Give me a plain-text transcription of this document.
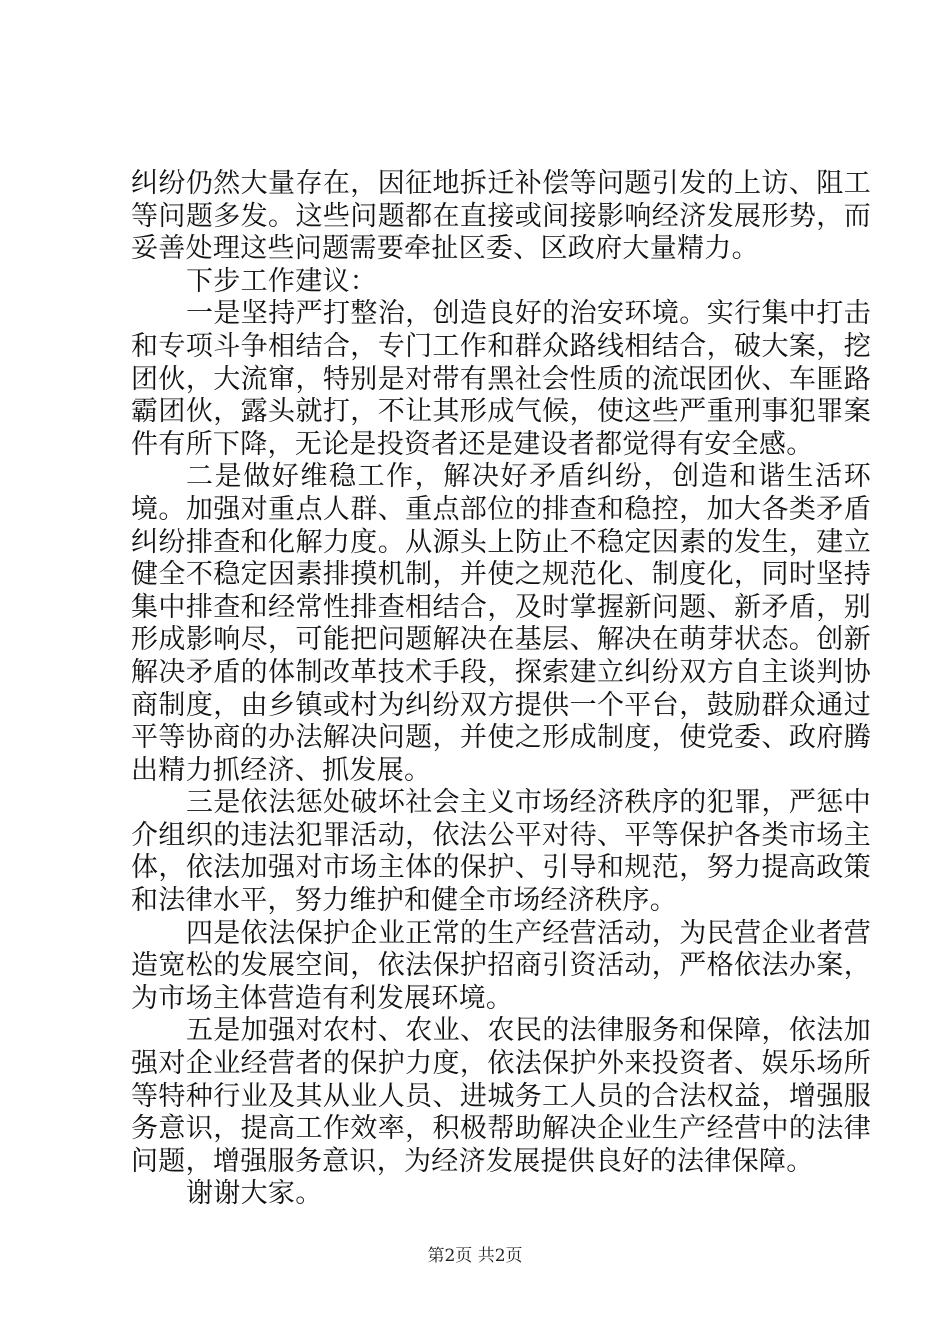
纠纷仍然大量存在，因征地拆迁补偿等问题引发的上访、阻工等问题多发。这些问题都在直接或间接影响经济发展形势，而妥善处理这些问题需要牵扯区委、区政府大量精力。

下步工作建议：

一是坚持严打整治，创造良好的治安环境。实行集中打击和专项斗争相结合，专门工作和群众路线相结合，破大案，挖团伙，大流窜，特别是对带有黑社会性质的流氓团伙、车匪路霸团伙，露头就打，不让其形成气候，使这些严重刑事犯罪案件有所下降，无论是投资者还是建设者都觉得有安全感。

二是做好维稳工作，解决好矛盾纠纷，创造和谐生活环境。加强对重点人群、重点部位的排查和稳控，加大各类矛盾纠纷排查和化解力度。从源头上防止不稳定因素的发生，建立健全不稳定因素排摸机制，并使之规范化、制度化，同时坚持集中排查和经常性排查相结合，及时掌握新问题、新矛盾，别形成影响尽，可能把问题解决在基层、解决在萌芽状态。创新解决矛盾的体制改革技术手段，探索建立纠纷双方自主谈判协商制度，由乡镇或村为纠纷双方提供一个平台，鼓励群众通过平等协商的办法解决问题，并使之形成制度，使党委、政府腾出精力抓经济、抓发展。

三是依法惩处破坏社会主义市场经济秩序的犯罪，严惩中介组织的违法犯罪活动，依法公平对待、平等保护各类市场主体，依法加强对市场主体的保护、引导和规范，努力提高政策和法律水平，努力维护和健全市场经济秩序。

四是依法保护企业正常的生产经营活动，为民营企业者营造宽松的发展空间，依法保护招商引资活动，严格依法办案，为市场主体营造有利发展环境。

五是加强对农村、农业、农民的法律服务和保障，依法加强对企业经营者的保护力度，依法保护外来投资者、娱乐场所等特种行业及其从业人员、进城务工人员的合法权益，增强服务意识，提高工作效率，积极帮助解决企业生产经营中的法律问题，增强服务意识，为经济发展提供良好的法律保障。

谢谢大家。

第2页 共2页
